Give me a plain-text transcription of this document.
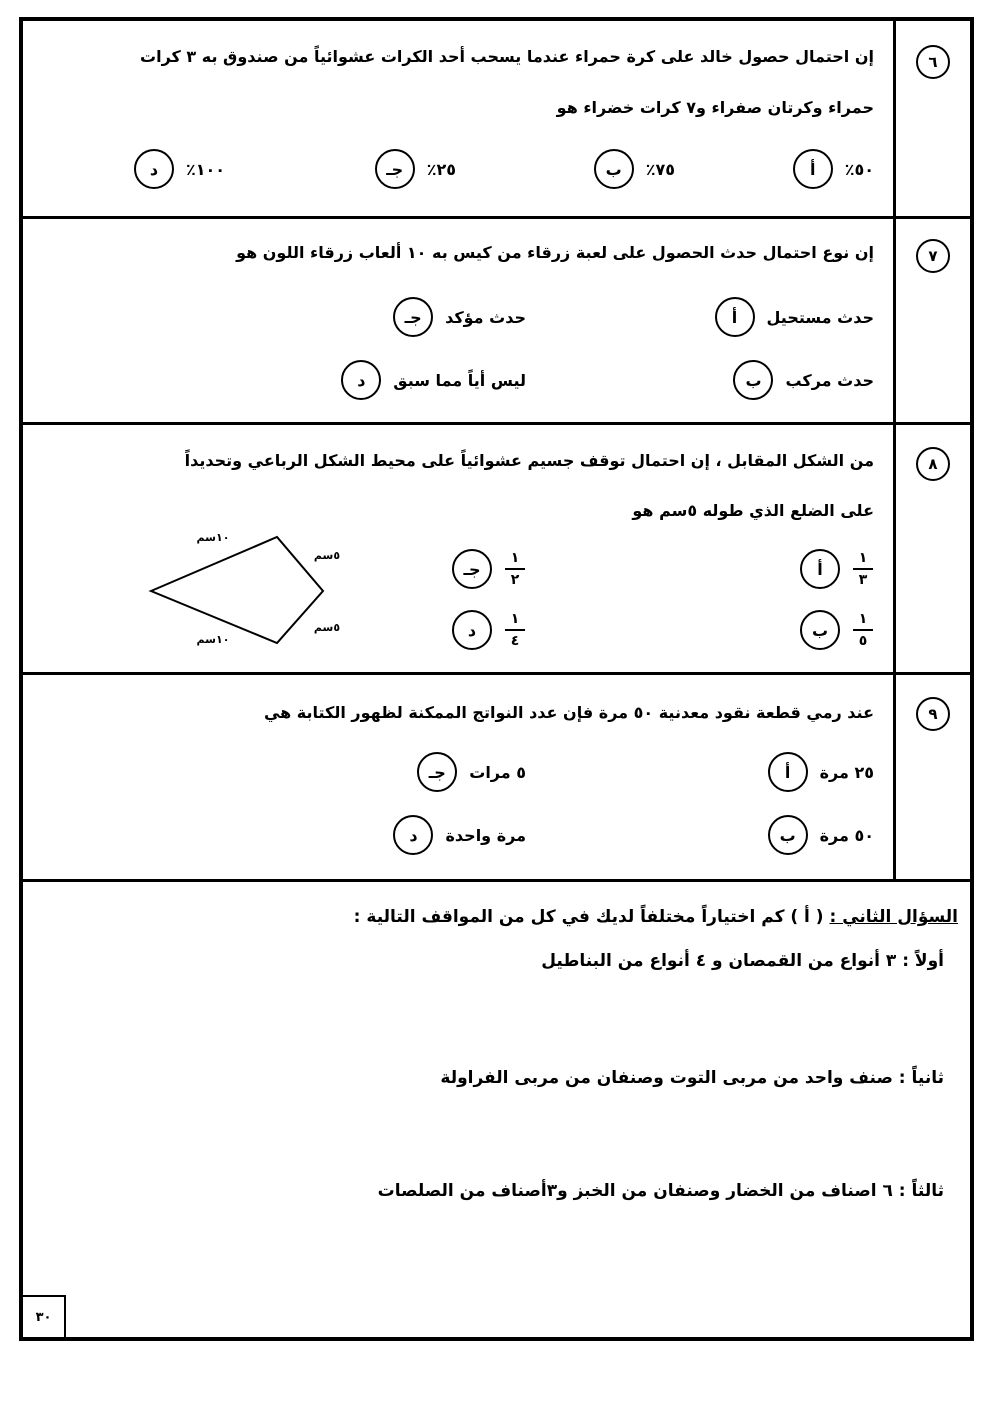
٦
إن احتمال حصول خالد على كرة حمراء عندما يسحب أحد الكرات عشوائياً من صندوق به ٣ كرات
حمراء وكرتان صفراء و٧ كرات خضراء هو
أ	٥٠٪
ب	٧٥٪
جـ	٢٥٪
د	١٠٠٪
٧
إن نوع احتمال حدث الحصول على لعبة زرقاء من كيس به ١٠ ألعاب زرقاء اللون هو
أ	حدث مستحيل
جـ	حدث مؤكد
ب	حدث مركب
د	ليس أياً مما سبق
٨
من الشكل المقابل ، إن احتمال توقف جسيم عشوائياً على محيط الشكل الرباعي وتحديداً
على الضلع الذي طوله ٥سم هو
أ	$\frac{١}{٣}$
جـ	$\frac{١}{٢}$
ب	$\frac{١}{٥}$
د	$\frac{١}{٤}$
١٠سم
٥سم
٥سم
١٠سم
٩
عند رمي قطعة نقود معدنية ٥٠ مرة فإن عدد النواتج الممكنة لظهور الكتابة هي
أ	٢٥ مرة
جـ	٥ مرات
ب	٥٠ مرة
د	مرة واحدة
السؤال الثاني : ( أ ) كم اختياراً مختلفاً لديك في كل من المواقف التالية :
أولاً : ٣ أنواع من القمصان و ٤ أنواع من البناطيل
ثانياً : صنف واحد من مربى التوت وصنفان من مربى الفراولة
ثالثاً : ٦ اصناف من الخضار وصنفان من الخبز و٣أصناف من الصلصات
٣٠
